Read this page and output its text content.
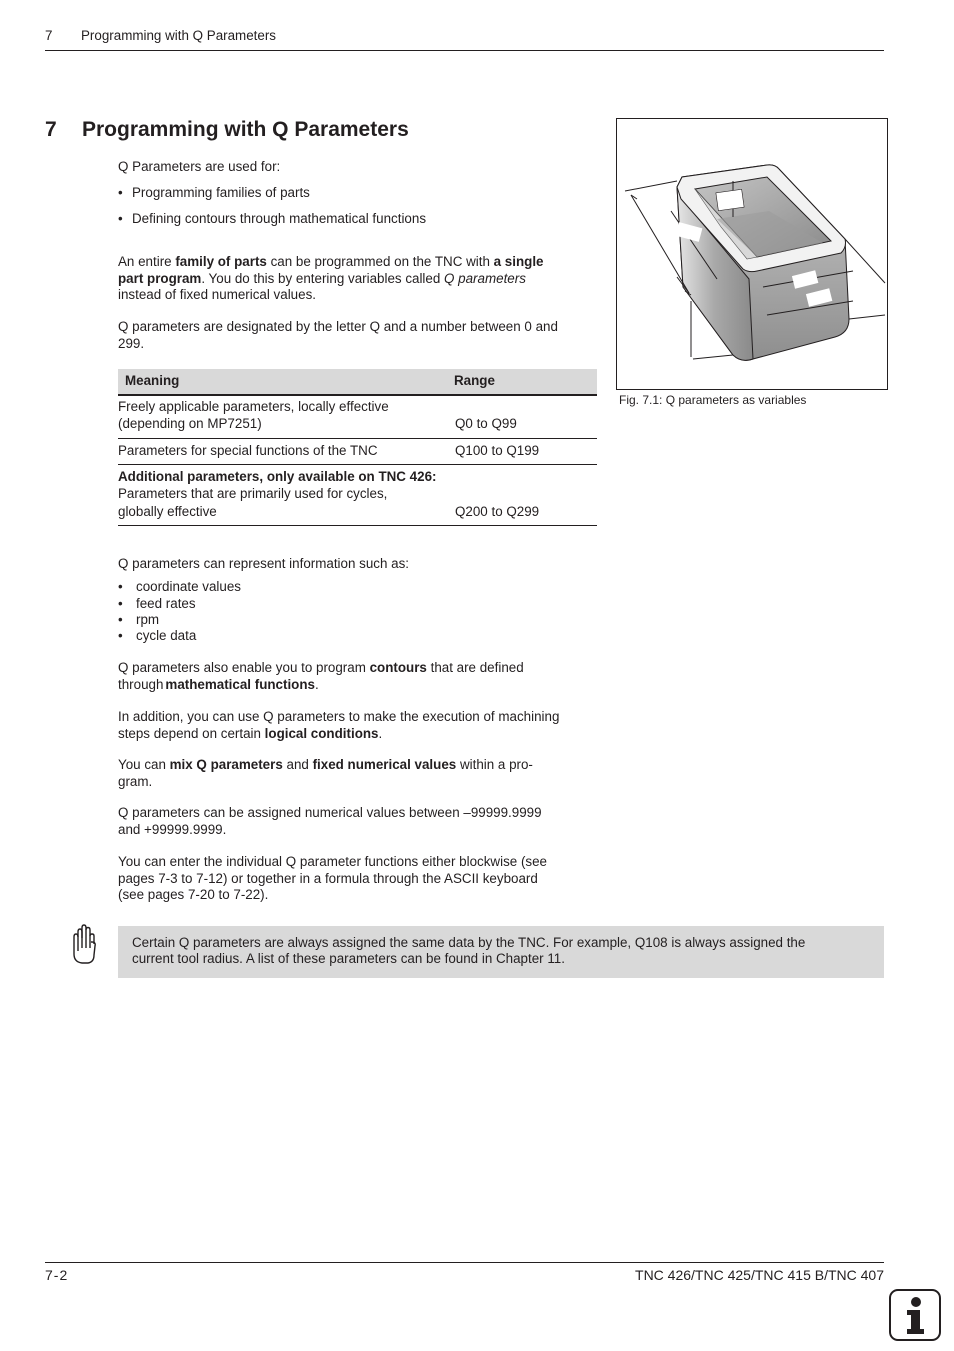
7 Programming with Q Parameters
7 Programming with Q Parameters

Q Parameters are used for:

• Programming families of parts
• Defining contours through mathematical functions
An entire family of parts can be programmed on the TNC with a single
part program. You do this by entering variables called Q parameters
instead of fixed numerical values.
Q parameters are designated by the letter Q and a number between 0 and
299.
Meaning	Range
Freely applicable parameters, locally effective
(depending on MP7251)	Q0 to Q99
Parameters for special functions of the TNC	Q100 to Q199
Additional parameters, only available on TNC 426:
Parameters that are primarily used for cycles,
globally effective	Q200 to Q299

Q parameters can represent information such as:

• coordinate values
• feed rates
• rpm
• cycle data
Q parameters also enable you to program contours that are defined
through mathematical functions.
In addition, you can use Q parameters to make the execution of machining
steps depend on certain logical conditions.
You can mix Q parameters and fixed numerical values within a pro-
gram.
Q parameters can be assigned numerical values between –99999.9999
and +99999.9999.
You can enter the individual Q parameter functions either blockwise (see
pages 7-3 to 7-12) or together in a formula through the ASCII keyboard
(see pages 7-20 to 7-22).
Certain Q parameters are always assigned the same data by the TNC. For example, Q108 is always assigned the
current tool radius. A list of these parameters can be found in Chapter 11.
Fig. 7.1: Q parameters as variables
7-2	TNC 426/TNC 425/TNC 415 B/TNC 407
